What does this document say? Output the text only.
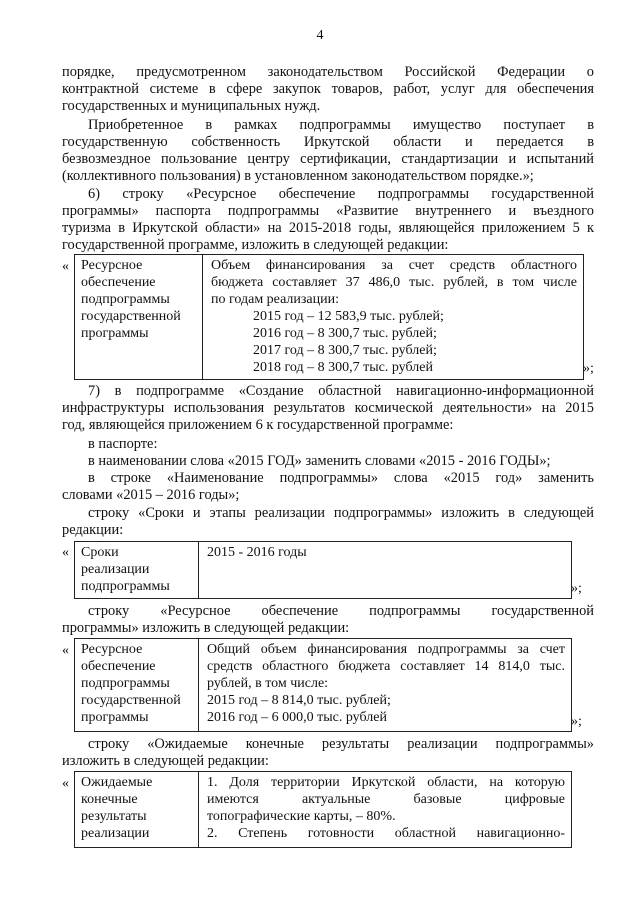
4
порядке, предусмотренном законодательством Российской Федерации о
контрактной системе в сфере закупок товаров, работ, услуг для обеспечения
государственных и муниципальных нужд.
Приобретенное в рамках подпрограммы имущество поступает в
государственную собственность Иркутской области и передается в
безвозмездное пользование центру сертификации, стандартизации и испытаний
(коллективного пользования) в установленном законодательством порядке.»;
6) строку «Ресурсное обеспечение подпрограммы государственной
программы» паспорта подпрограммы «Развитие внутреннего и въездного
туризма в Иркутской области» на 2015-2018 годы, являющейся приложением 5 к
государственной программе, изложить в следующей редакции:
« Ресурсное
обеспечение
подпрограммы
государственной
программы
Объем финансирования за счет средств областного
бюджета составляет 37 486,0 тыс. рублей, в том числе
по годам реализации:
2015 год – 12 583,9 тыс. рублей;
2016 год – 8 300,7 тыс. рублей;
2017 год – 8 300,7 тыс. рублей;
2018 год – 8 300,7 тыс. рублей	»;
7) в подпрограмме «Создание областной навигационно-информационной
инфраструктуры использования результатов космической деятельности» на 2015
год, являющейся приложением 6 к государственной программе:
в паспорте:
в наименовании слова «2015 ГОД» заменить словами «2015 - 2016 ГОДЫ»;
в строке «Наименование подпрограммы» слова «2015 год» заменить
словами «2015 – 2016 годы»;
строку «Сроки и этапы реализации подпрограммы» изложить в следующей
редакции:
« Сроки
реализации
подпрограммы
2015 - 2016 годы
»;
строку «Ресурсное обеспечение подпрограммы государственной
программы» изложить в следующей редакции:
« Ресурсное
обеспечение
подпрограммы
государственной
программы
Общий объем финансирования подпрограммы за счет
средств областного бюджета составляет 14 814,0 тыс.
рублей, в том числе:
2015 год – 8 814,0 тыс. рублей;
2016 год – 6 000,0 тыс. рублей	»;
строку «Ожидаемые конечные результаты реализации подпрограммы»
изложить в следующей редакции:
« Ожидаемые
конечные
результаты
реализации
1. Доля территории Иркутской области, на которую
имеются актуальные базовые цифровые
топографические карты, – 80%.
2. Степень готовности областной навигационно-
